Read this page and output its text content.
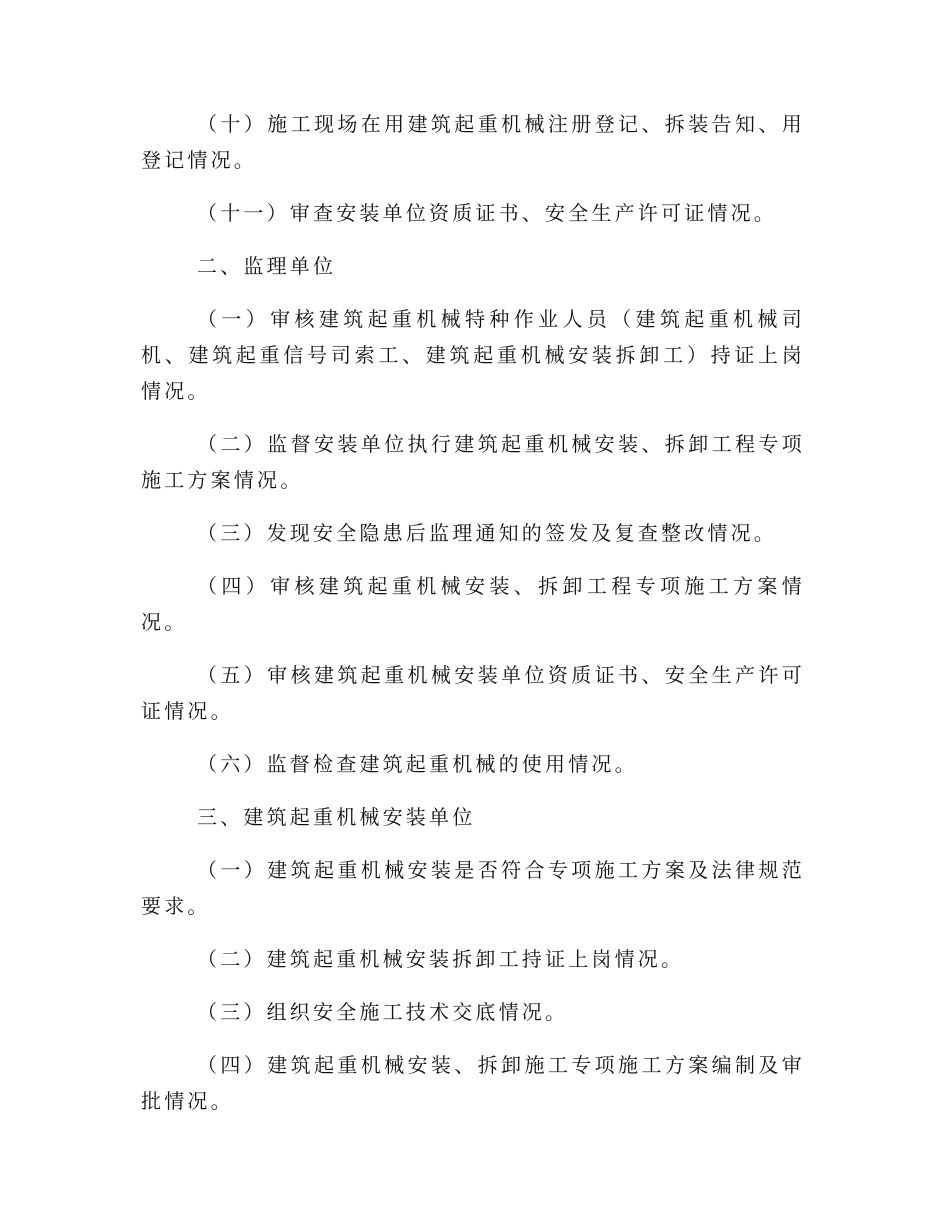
（十）施工现场在用建筑起重机械注册登记、拆装告知、用登记情况。

（十一）审查安装单位资质证书、安全生产许可证情况。

二、监理单位

（一）审核建筑起重机械特种作业人员（建筑起重机械司机、建筑起重信号司索工、建筑起重机械安装拆卸工）持证上岗情况。

（二）监督安装单位执行建筑起重机械安装、拆卸工程专项施工方案情况。

（三）发现安全隐患后监理通知的签发及复查整改情况。

（四）审核建筑起重机械安装、拆卸工程专项施工方案情况。

（五）审核建筑起重机械安装单位资质证书、安全生产许可证情况。

（六）监督检查建筑起重机械的使用情况。

三、建筑起重机械安装单位

（一）建筑起重机械安装是否符合专项施工方案及法律规范要求。

（二）建筑起重机械安装拆卸工持证上岗情况。

（三）组织安全施工技术交底情况。

（四）建筑起重机械安装、拆卸施工专项施工方案编制及审批情况。
